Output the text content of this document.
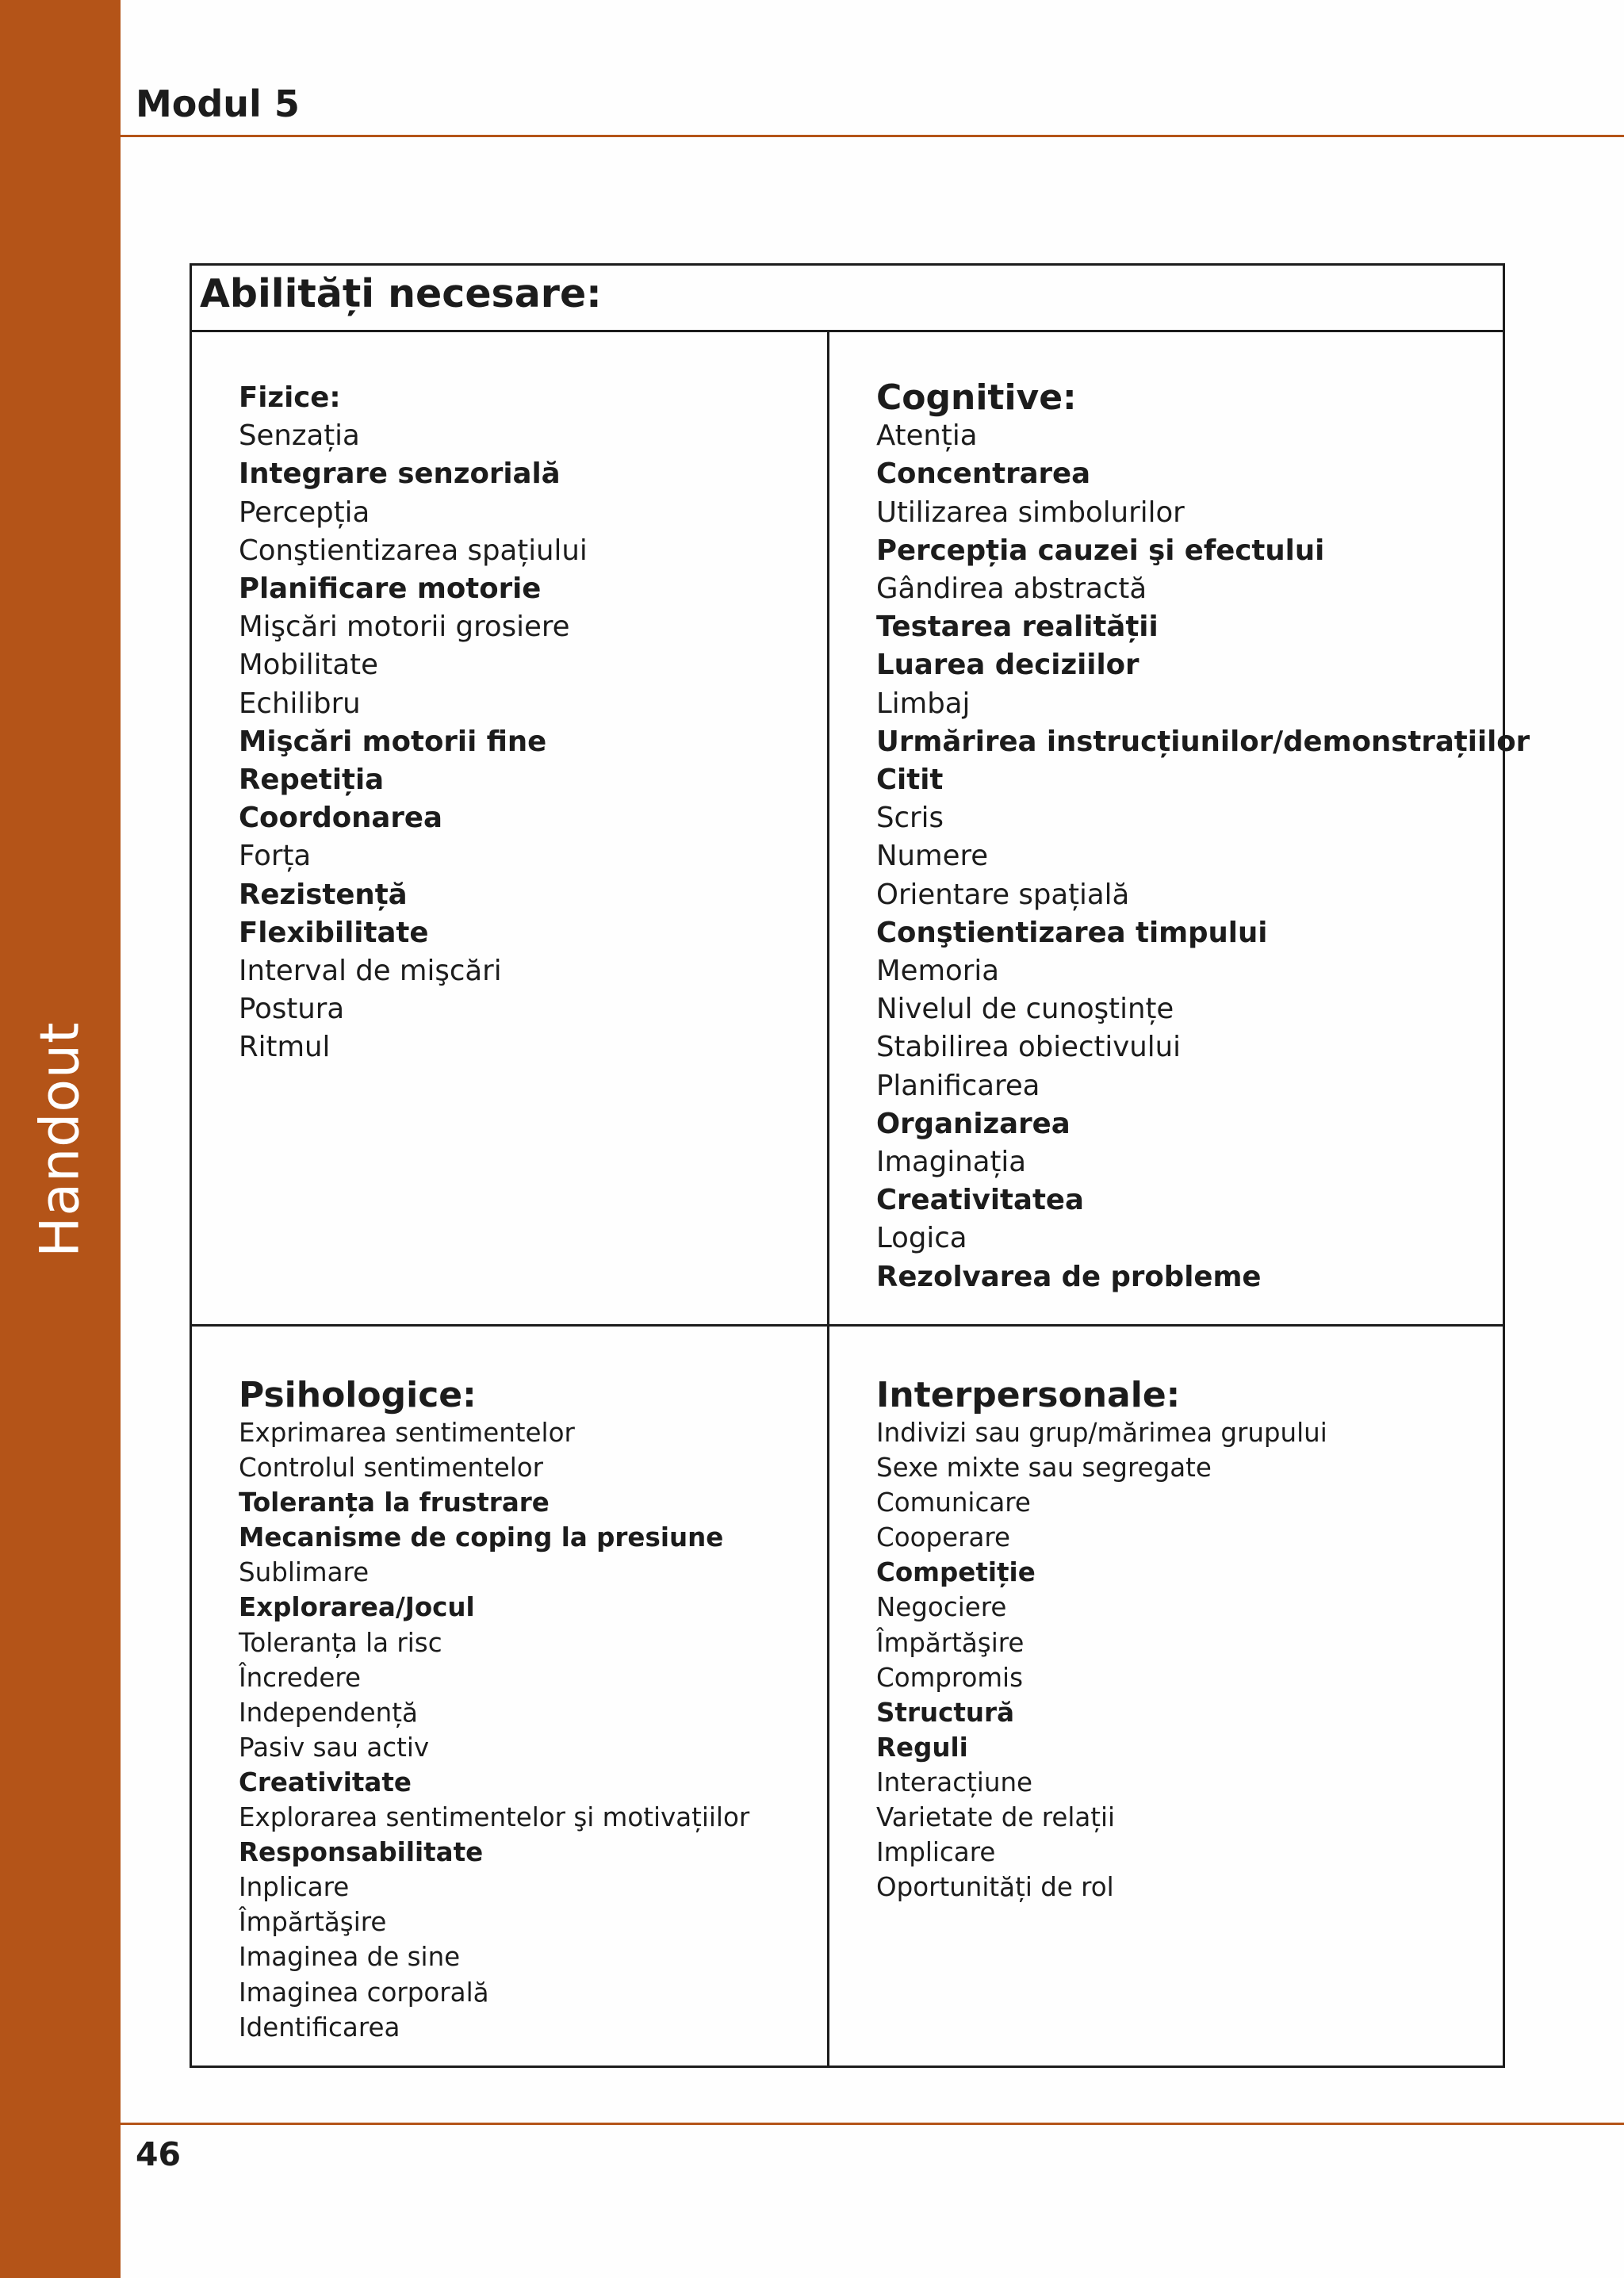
Handout
Modul 5
Abilități necesare:
Fizice:
Senzația
Integrare senzorială
Percepția
Conştientizarea spațiului
Planificare motorie
Mişcări motorii grosiere
Mobilitate
Echilibru
Mişcări motorii fine
Repetiția
Coordonarea
Forța
Rezistență
Flexibilitate
Interval de mişcări
Postura
Ritmul
Cognitive:
Atenția
Concentrarea
Utilizarea simbolurilor
Percepția cauzei şi efectului
Gândirea abstractă
Testarea realității
Luarea deciziilor
Limbaj
Urmărirea instrucțiunilor/demonstrațiilor
Citit
Scris
Numere
Orientare spațială
Conştientizarea timpului
Memoria
Nivelul de cunoştințe
Stabilirea obiectivului
Planificarea
Organizarea
Imaginația
Creativitatea
Logica
Rezolvarea de probleme
Psihologice:
Exprimarea sentimentelor
Controlul sentimentelor
Toleranța la frustrare
Mecanisme de coping la presiune
Sublimare
Explorarea/Jocul
Toleranța la risc
Încredere
Independență
Pasiv sau activ
Creativitate
Explorarea sentimentelor şi motivațiilor
Responsabilitate
Inplicare
Împărtăşire
Imaginea de sine
Imaginea corporală
Identificarea
Interpersonale:
Indivizi sau grup/mărimea grupului
Sexe mixte sau segregate
Comunicare
Cooperare
Competiție
Negociere
Împărtăşire
Compromis
Structură
Reguli
Interacțiune
Varietate de relații
Implicare
Oportunități de rol
46
